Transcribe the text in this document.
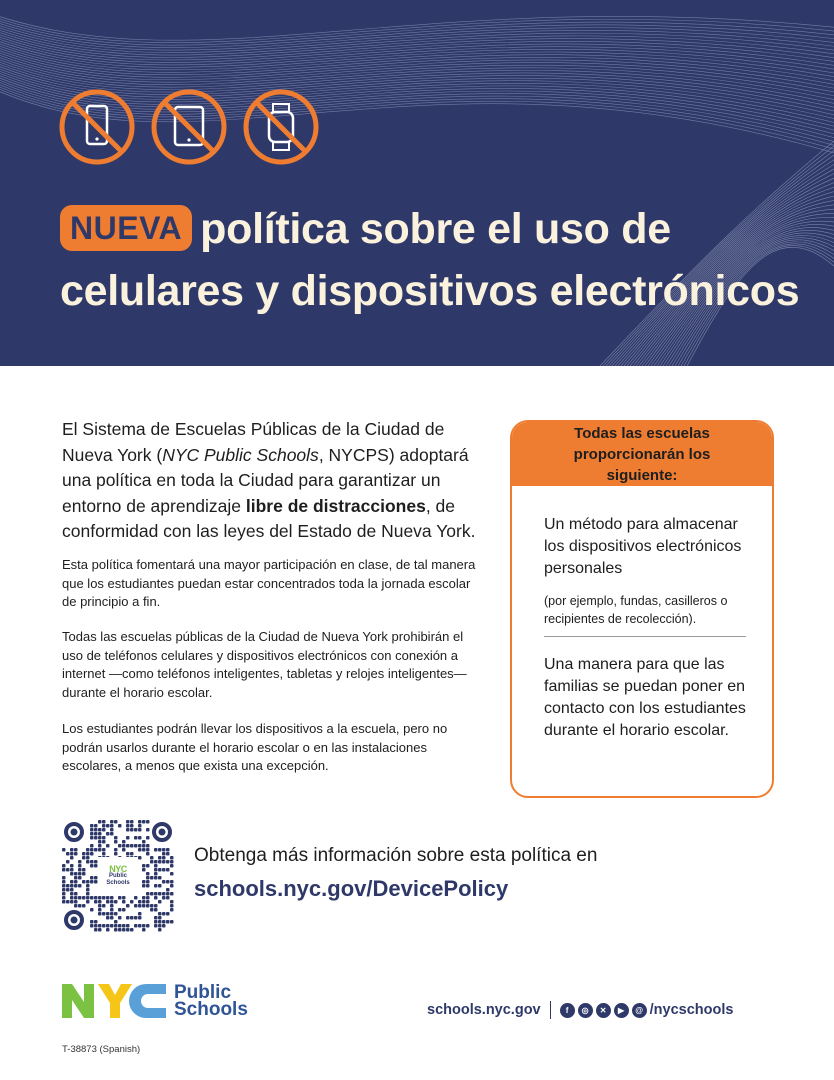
NUEVA política sobre el uso de celulares y dispositivos electrónicos
El Sistema de Escuelas Públicas de la Ciudad de Nueva York (NYC Public Schools, NYCPS) adoptará una política en toda la Ciudad para garantizar un entorno de aprendizaje libre de distracciones, de conformidad con las leyes del Estado de Nueva York.
Esta política fomentará una mayor participación en clase, de tal manera que los estudiantes puedan estar concentrados toda la jornada escolar de principio a fin.
Todas las escuelas públicas de la Ciudad de Nueva York prohibirán el uso de teléfonos celulares y dispositivos electrónicos con conexión a internet —como teléfonos inteligentes, tabletas y relojes inteligentes— durante el horario escolar.
Los estudiantes podrán llevar los dispositivos a la escuela, pero no podrán usarlos durante el horario escolar o en las instalaciones escolares, a menos que exista una excepción.
Todas las escuelas proporcionarán los siguiente:
Un método para almacenar los dispositivos electrónicos personales
(por ejemplo, fundas, casilleros o recipientes de recolección).
Una manera para que las familias se puedan poner en contacto con los estudiantes durante el horario escolar.
NYC
Public Schools
Obtenga más información sobre esta política en
schools.nyc.gov/DevicePolicy
Public
Schools	schools.nyc.gov	f	◎	✕	▶	@ /nycschools
T-38873 (Spanish)
